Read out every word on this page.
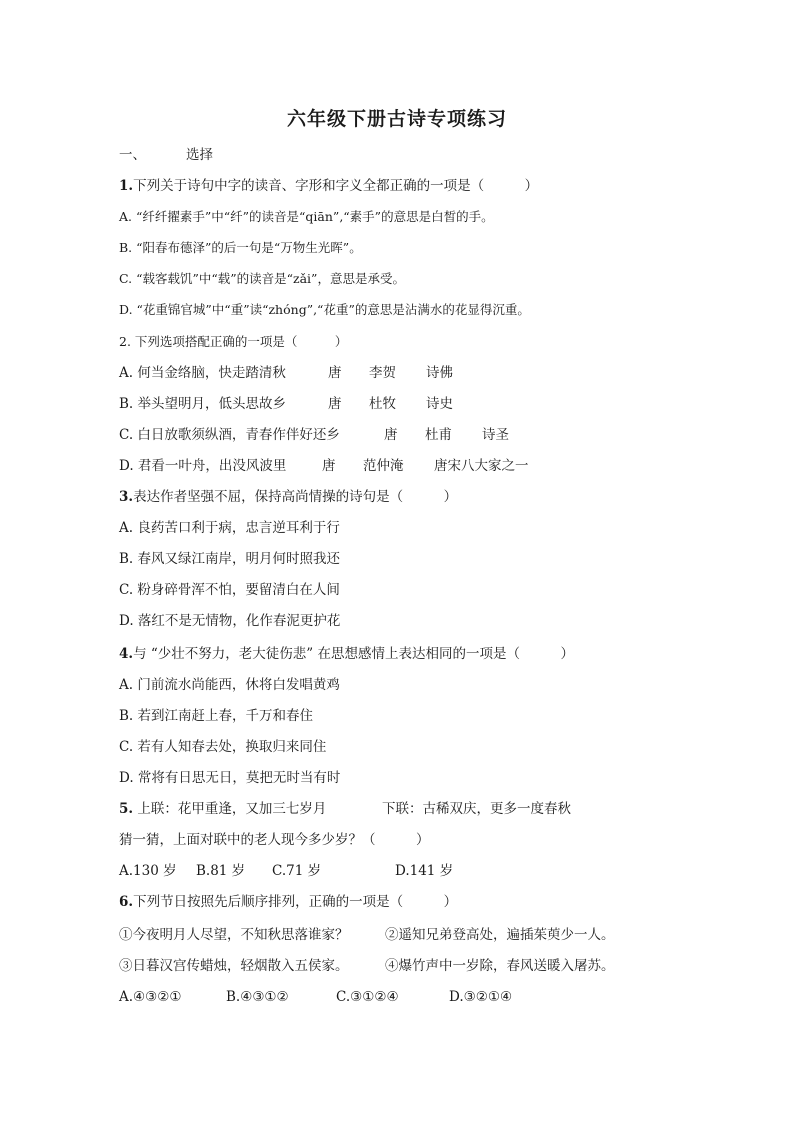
六年级下册古诗专项练习
一、	选择
1.下列关于诗句中字的读音、字形和字义全都正确的一项是（　　　）
A. “纤纤擢素手”中“纤”的读音是“qiān”,“素手”的意思是白皙的手。
B. “阳春布德泽”的后一句是“万物生光晖”。
C. “载客载饥”中“载”的读音是“zǎi”，意思是承受。
D. “花重锦官城”中“重”读“zhóng”,“花重”的意思是沾满水的花显得沉重。
2. 下列选项搭配正确的一项是（　　　）
A. 何当金络脑，快走踏清秋	唐 李贺 诗佛
B. 举头望明月，低头思故乡	唐 杜牧 诗史
C. 白日放歌须纵酒，青春作伴好还乡	唐 杜甫 诗圣
D. 君看一叶舟，出没风波里	唐 范仲淹 唐宋八大家之一
3.表达作者坚强不屈，保持高尚情操的诗句是（　　　）
A. 良药苦口利于病，忠言逆耳利于行
B. 春风又绿江南岸，明月何时照我还
C. 粉身碎骨浑不怕，要留清白在人间
D. 落红不是无情物，化作春泥更护花
4.与 “少壮不努力，老大徒伤悲” 在思想感情上表达相同的一项是（　　　）
A. 门前流水尚能西，休将白发唱黄鸡
B. 若到江南赶上春，千万和春住
C. 若有人知春去处，换取归来同住
D. 常将有日思无日，莫把无时当有时
5. 上联：花甲重逢，又加三七岁月	下联：古稀双庆，更多一度春秋
猜一猜，上面对联中的老人现今多少岁？（　　　）
A.130 岁 B.81 岁 C.71 岁	D.141 岁
6.下列节日按照先后顺序排列，正确的一项是（　　　）
①今夜明月人尽望，不知秋思落谁家？	②遥知兄弟登高处，遍插茱萸少一人。
③日暮汉宫传蜡烛，轻烟散入五侯家。	④爆竹声中一岁除，春风送暖入屠苏。
A.④③②①	B.④③①②	C.③①②④	D.③②①④
